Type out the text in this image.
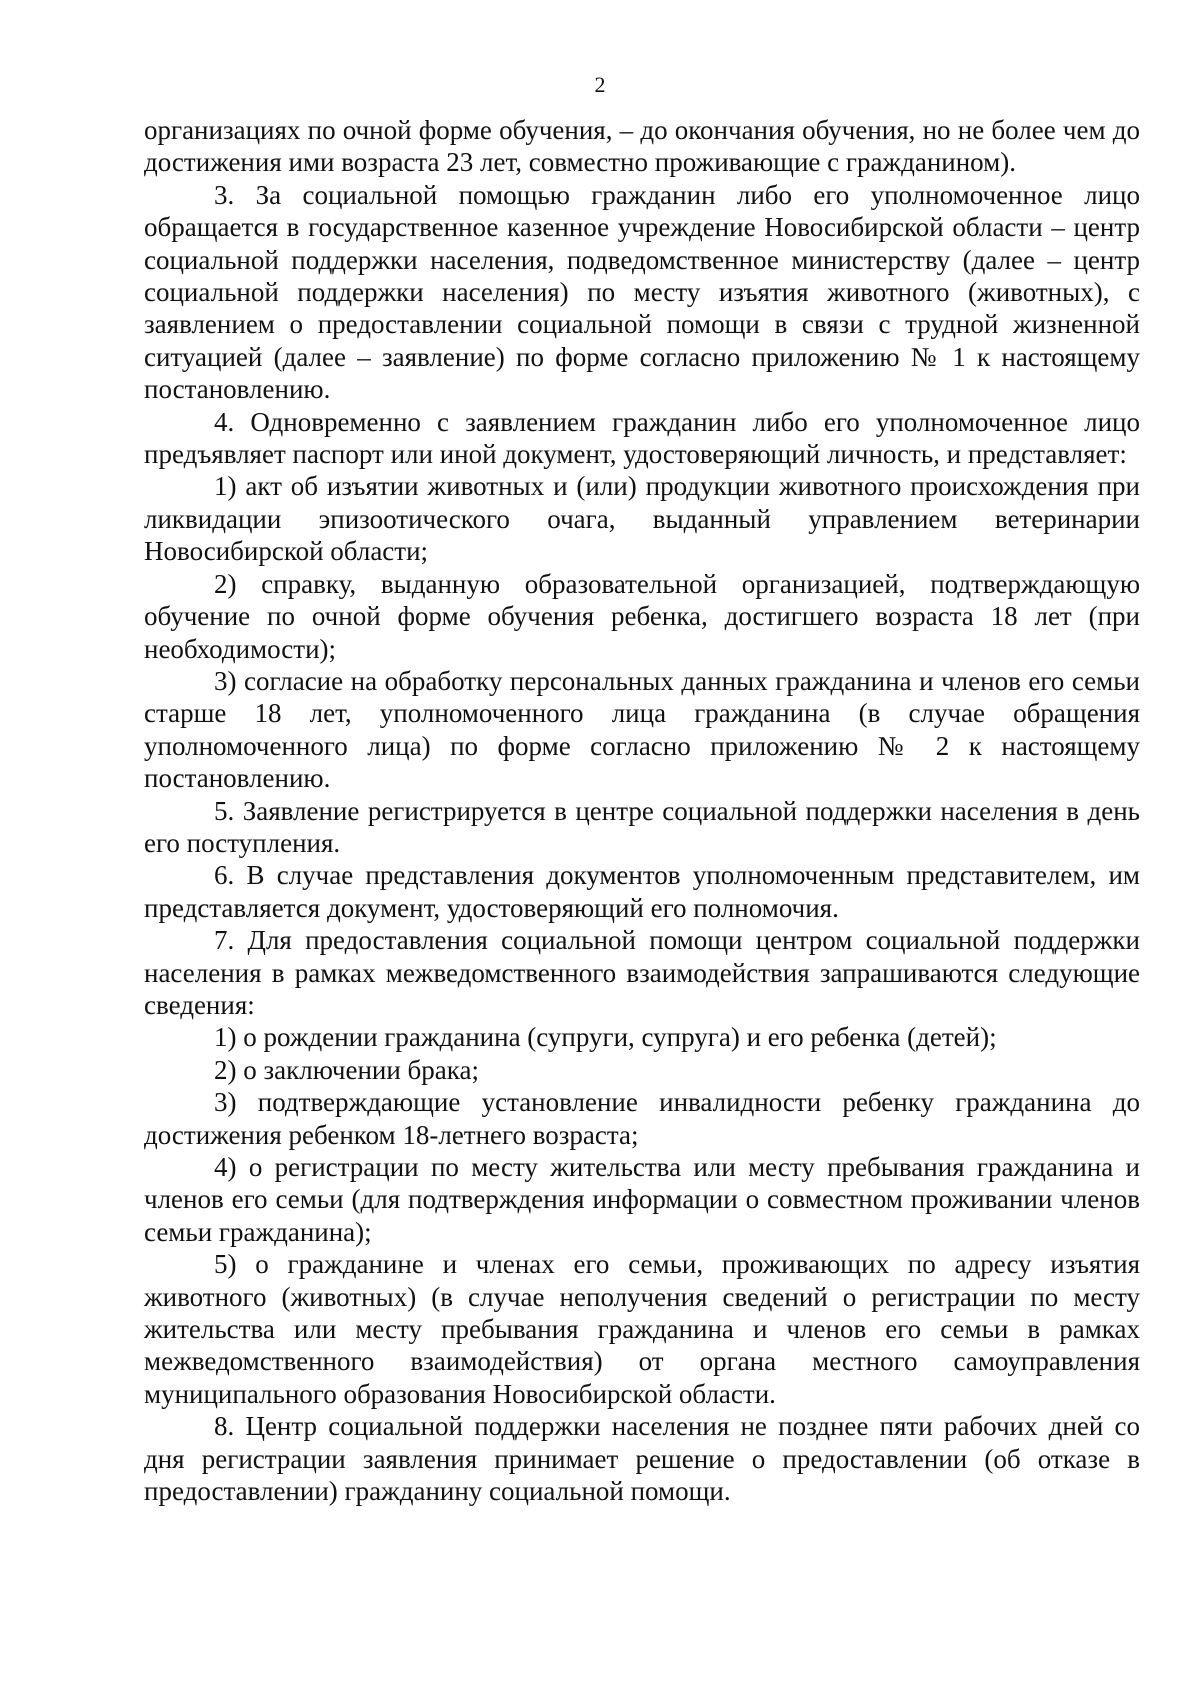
2

организациях по очной форме обучения, – до окончания обучения, но не более чем до достижения ими возраста 23 лет, совместно проживающие с гражданином).

3. За социальной помощью гражданин либо его уполномоченное лицо обращается в государственное казенное учреждение Новосибирской области – центр социальной поддержки населения, подведомственное министерству (далее – центр социальной поддержки населения) по месту изъятия животного (животных), с заявлением о предоставлении социальной помощи в связи с трудной жизненной ситуацией (далее – заявление) по форме согласно приложению № 1 к настоящему постановлению.

4. Одновременно с заявлением гражданин либо его уполномоченное лицо предъявляет паспорт или иной документ, удостоверяющий личность, и представляет:

1) акт об изъятии животных и (или) продукции животного происхождения при ликвидации эпизоотического очага, выданный управлением ветеринарии Новосибирской области;

2) справку, выданную образовательной организацией, подтверждающую обучение по очной форме обучения ребенка, достигшего возраста 18 лет (при необходимости);

3) согласие на обработку персональных данных гражданина и членов его семьи старше 18 лет, уполномоченного лица гражданина (в случае обращения уполномоченного лица) по форме согласно приложению № 2 к настоящему постановлению.

5. Заявление регистрируется в центре социальной поддержки населения в день его поступления.

6. В случае представления документов уполномоченным представителем, им представляется документ, удостоверяющий его полномочия.

7. Для предоставления социальной помощи центром социальной поддержки населения в рамках межведомственного взаимодействия запрашиваются следующие сведения:

1) о рождении гражданина (супруги, супруга) и его ребенка (детей);

2) о заключении брака;

3) подтверждающие установление инвалидности ребенку гражданина до достижения ребенком 18-летнего возраста;

4) о регистрации по месту жительства или месту пребывания гражданина и членов его семьи (для подтверждения информации о совместном проживании членов семьи гражданина);

5) о гражданине и членах его семьи, проживающих по адресу изъятия животного (животных) (в случае неполучения сведений о регистрации по месту жительства или месту пребывания гражданина и членов его семьи в рамках межведомственного взаимодействия) от органа местного самоуправления муниципального образования Новосибирской области.

8. Центр социальной поддержки населения не позднее пяти рабочих дней со дня регистрации заявления принимает решение о предоставлении (об отказе в предоставлении) гражданину социальной помощи.
